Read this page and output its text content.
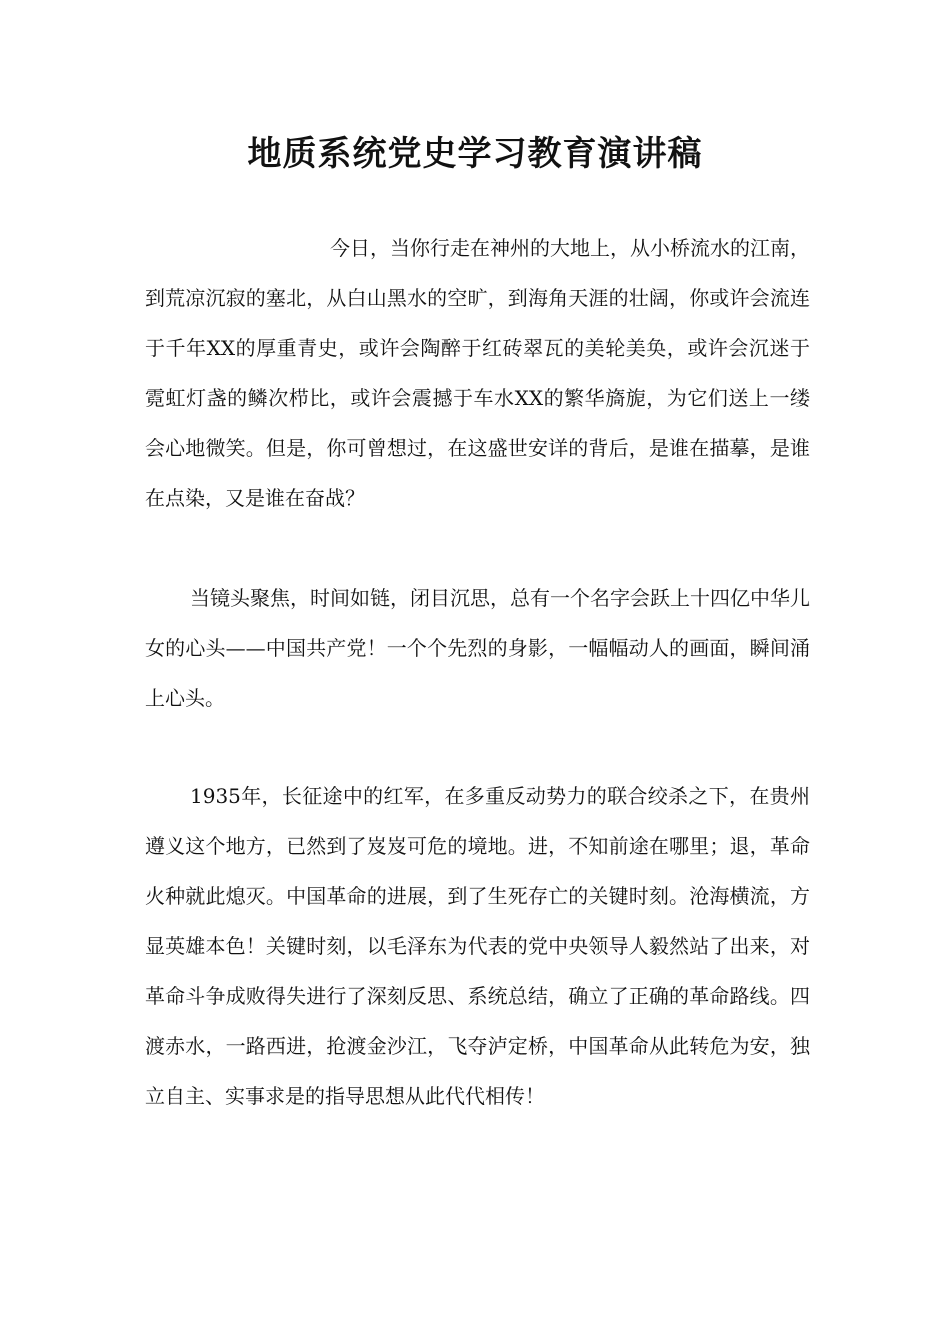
地质系统党史学习教育演讲稿

今日，当你行走在神州的大地上，从小桥流水的江南，到荒凉沉寂的塞北，从白山黑水的空旷，到海角天涯的壮阔，你或许会流连于千年XX的厚重青史，或许会陶醉于红砖翠瓦的美轮美奂，或许会沉迷于霓虹灯盏的鳞次栉比，或许会震撼于车水XX的繁华旖旎，为它们送上一缕会心地微笑。但是，你可曾想过，在这盛世安详的背后，是谁在描摹，是谁在点染，又是谁在奋战？

当镜头聚焦，时间如链，闭目沉思，总有一个名字会跃上十四亿中华儿女的心头——中国共产党！一个个先烈的身影，一幅幅动人的画面，瞬间涌上心头。

1935年，长征途中的红军，在多重反动势力的联合绞杀之下，在贵州遵义这个地方，已然到了岌岌可危的境地。进，不知前途在哪里；退，革命火种就此熄灭。中国革命的进展，到了生死存亡的关键时刻。沧海横流，方显英雄本色！关键时刻，以毛泽东为代表的党中央领导人毅然站了出来，对革命斗争成败得失进行了深刻反思、系统总结，确立了正确的革命路线。四渡赤水，一路西进，抢渡金沙江，飞夺泸定桥，中国革命从此转危为安，独立自主、实事求是的指导思想从此代代相传！
